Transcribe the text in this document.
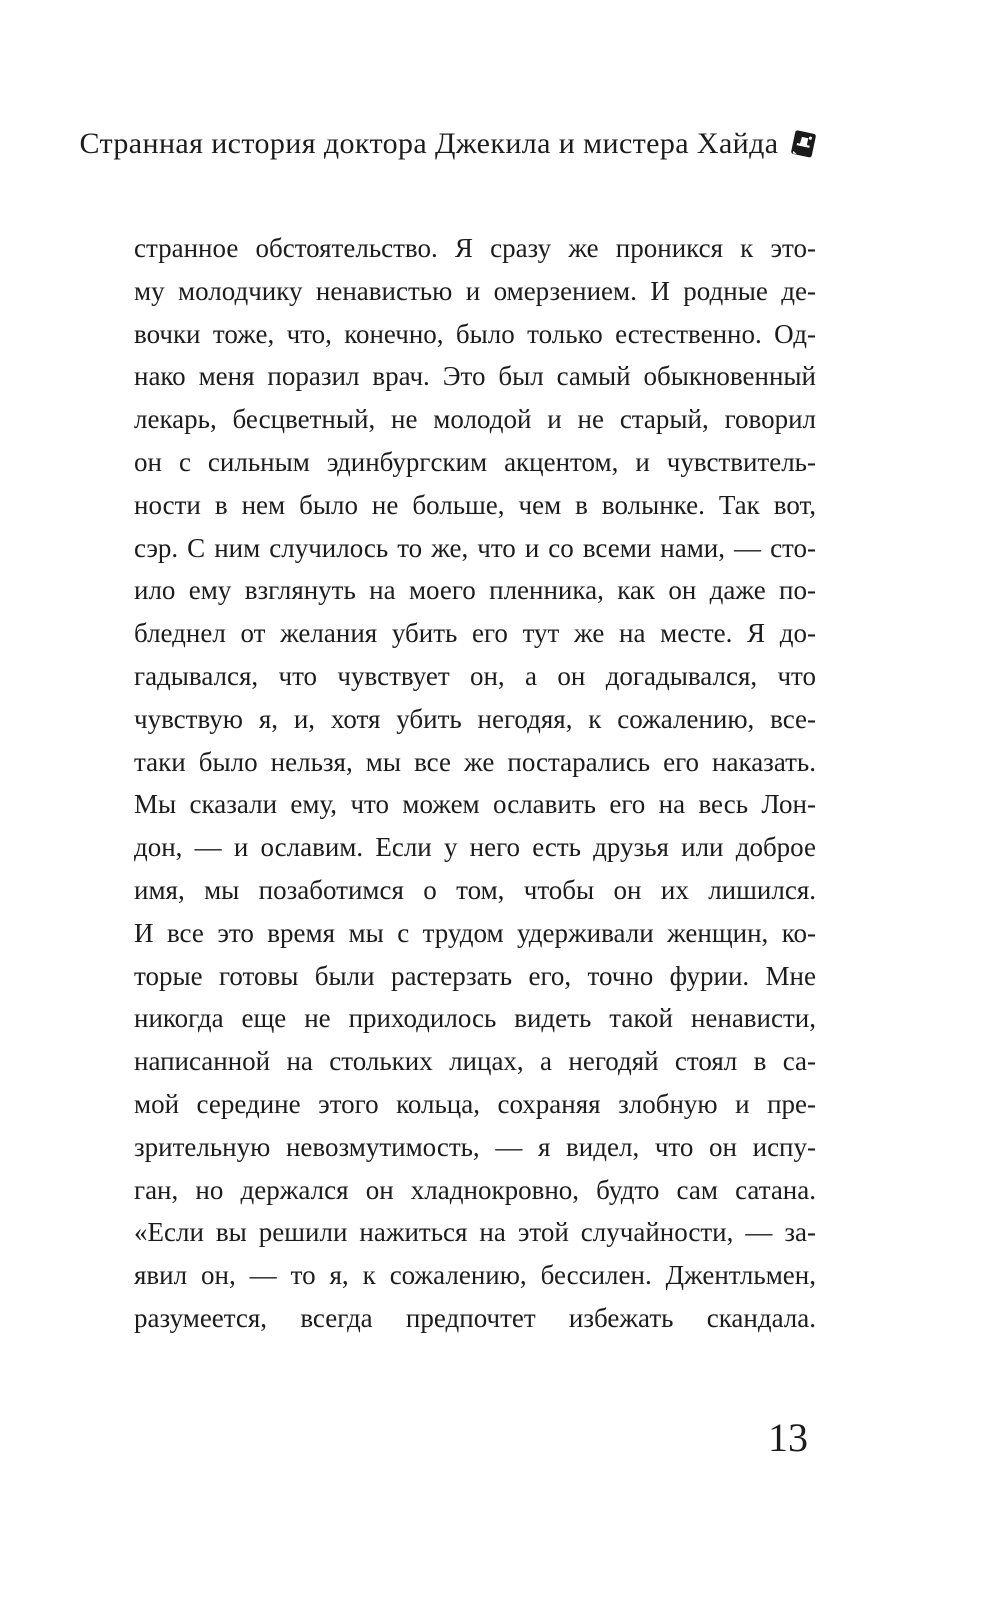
Странная история доктора Джекила и мистера Хайда
странное обстоятельство. Я сразу же проникся к это-
му молодчику ненавистью и омерзением. И родные де-
вочки тоже, что, конечно, было только естественно. Од-
нако меня поразил врач. Это был самый обыкновенный
лекарь, бесцветный, не молодой и не старый, говорил
он с сильным эдинбургским акцентом, и чувствитель-
ности в нем было не больше, чем в волынке. Так вот,
сэр. С ним случилось то же, что и со всеми нами, — сто-
ило ему взглянуть на моего пленника, как он даже по-
бледнел от желания убить его тут же на месте. Я до-
гадывался, что чувствует он, а он догадывался, что
чувствую я, и, хотя убить негодяя, к сожалению, все-
таки было нельзя, мы все же постарались его наказать.
Мы сказали ему, что можем ославить его на весь Лон-
дон, — и ославим. Если у него есть друзья или доброе
имя, мы позаботимся о том, чтобы он их лишился.
И все это время мы с трудом удерживали женщин, ко-
торые готовы были растерзать его, точно фурии. Мне
никогда еще не приходилось видеть такой ненависти,
написанной на стольких лицах, а негодяй стоял в са-
мой середине этого кольца, сохраняя злобную и пре-
зрительную невозмутимость, — я видел, что он испу-
ган, но держался он хладнокровно, будто сам сатана.
«Если вы решили нажиться на этой случайности, — за-
явил он, — то я, к сожалению, бессилен. Джентльмен,
разумеется, всегда предпочтет избежать скандала.
13
